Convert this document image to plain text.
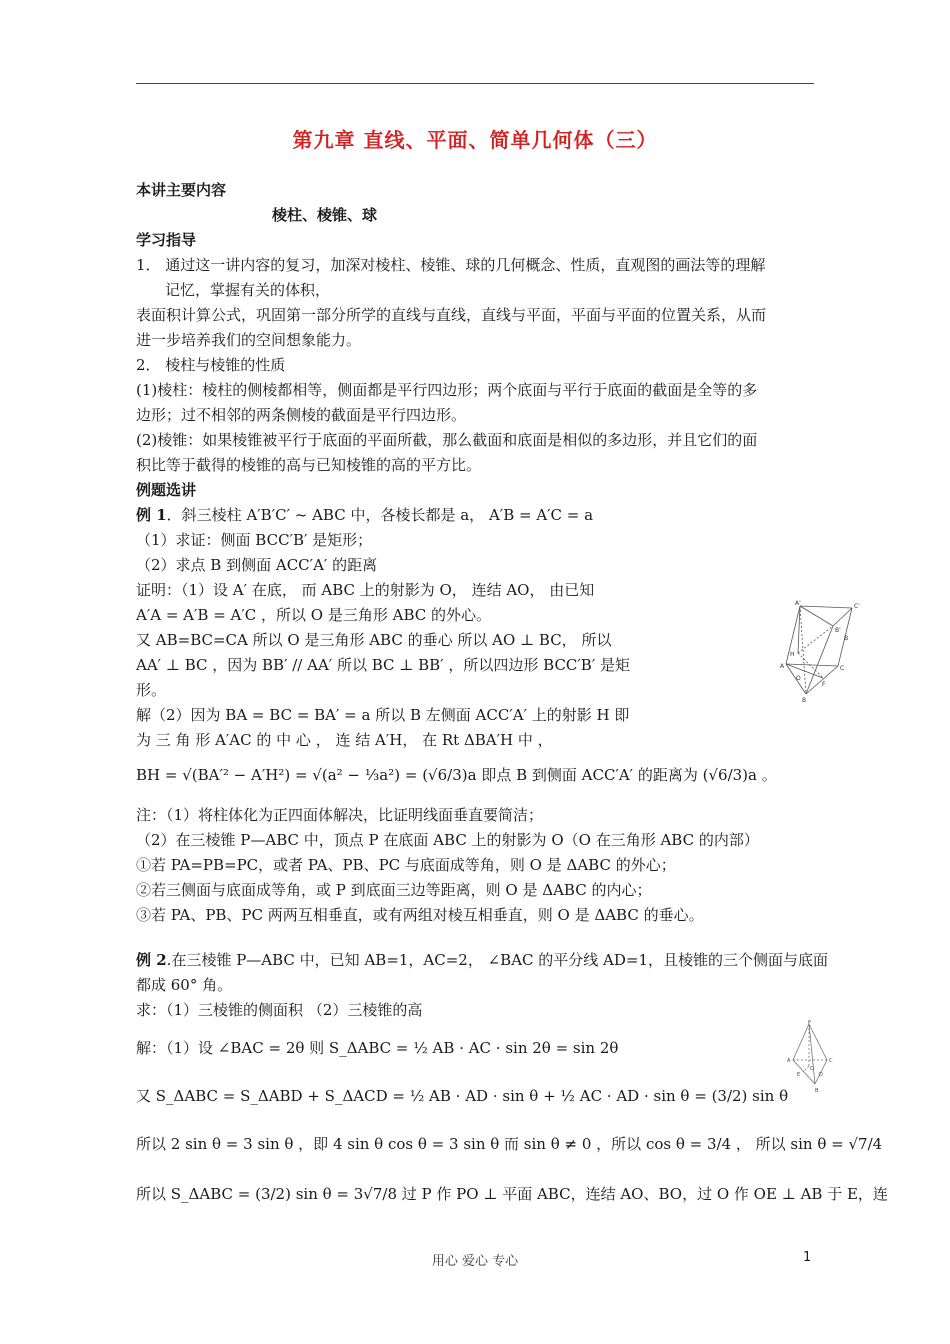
第九章 直线、平面、简单几何体（三）
本讲主要内容
棱柱、棱锥、球
学习指导
1． 通过这一讲内容的复习，加深对棱柱、棱锥、球的几何概念、性质，直观图的画法等的理解
记忆，掌握有关的体积，
表面积计算公式，巩固第一部分所学的直线与直线，直线与平面，平面与平面的位置关系，从而
进一步培养我们的空间想象能力。
2． 棱柱与棱锥的性质
(1)棱柱：棱柱的侧棱都相等，侧面都是平行四边形；两个底面与平行于底面的截面是全等的多
边形；过不相邻的两条侧棱的截面是平行四边形。
(2)棱锥：如果棱锥被平行于底面的平面所截，那么截面和底面是相似的多边形，并且它们的面
积比等于截得的棱锥的高与已知棱锥的高的平方比。
例题选讲
例 1．斜三棱柱 A′B′C′ ~ ABC 中，各棱长都是 a， A′B = A′C = a
（1）求证：侧面 BCC′B′ 是矩形；
（2）求点 B 到侧面 ACC′A′ 的距离
证明：（1）设 A′ 在底， 而 ABC 上的射影为 O， 连结 AO， 由已知
A′A = A′B = A′C ，所以 O 是三角形 ABC 的外心。
又 AB=BC=CA 所以 O 是三角形 ABC 的垂心 所以 AO ⊥ BC， 所以
AA′ ⊥ BC ，因为 BB′ // AA′ 所以 BC ⊥ BB′ ，所以四边形 BCC′B′ 是矩
形。
解（2）因为 BA = BC = BA′ = a 所以 B 左侧面 ACC′A′ 上的射影 H 即
为 三 角 形 A′AC 的 中 心 ， 连 结 A′H， 在 Rt ΔBA′H 中 ，
BH = √(BA′² − A′H²) = √(a² − ⅓a²) = (√6/3)a 即点 B 到侧面 ACC′A′ 的距离为 (√6/3)a 。
A'	C'
B'
B
C
A
H
F
O
B
注：（1）将柱体化为正四面体解决，比证明线面垂直要简洁；
（2）在三棱锥 P—ABC 中，顶点 P 在底面 ABC 上的射影为 O（O 在三角形 ABC 的内部）
①若 PA=PB=PC，或者 PA、PB、PC 与底面成等角，则 O 是 ΔABC 的外心；
②若三侧面与底面成等角，或 P 到底面三边等距离，则 O 是 ΔABC 的内心；
③若 PA、PB、PC 两两互相垂直，或有两组对棱互相垂直，则 O 是 ΔABC 的垂心。
例 2.在三棱锥 P—ABC 中，已知 AB=1，AC=2， ∠BAC 的平分线 AD=1，且棱锥的三个侧面与底面
都成 60° 角。
求：（1）三棱锥的侧面积 （2）三棱锥的高
解：（1）设 ∠BAC = 2θ 则 S_ΔABC = ½ AB · AC · sin 2θ = sin 2θ
又 S_ΔABC = S_ΔABD + S_ΔACD = ½ AB · AD · sin θ + ½ AC · AD · sin θ = (3/2) sin θ
所以 2 sin θ = 3 sin θ ，即 4 sin θ cos θ = 3 sin θ 而 sin θ ≠ 0 ，所以 cos θ = 3/4 ， 所以 sin θ = √7/4
所以 S_ΔABC = (3/2) sin θ = 3√7/8 过 P 作 PO ⊥ 平面 ABC，连结 AO、BO，过 O 作 OE ⊥ AB 于 E，连
P
A	C
E
O
D
B
用心 爱心 专心	1
